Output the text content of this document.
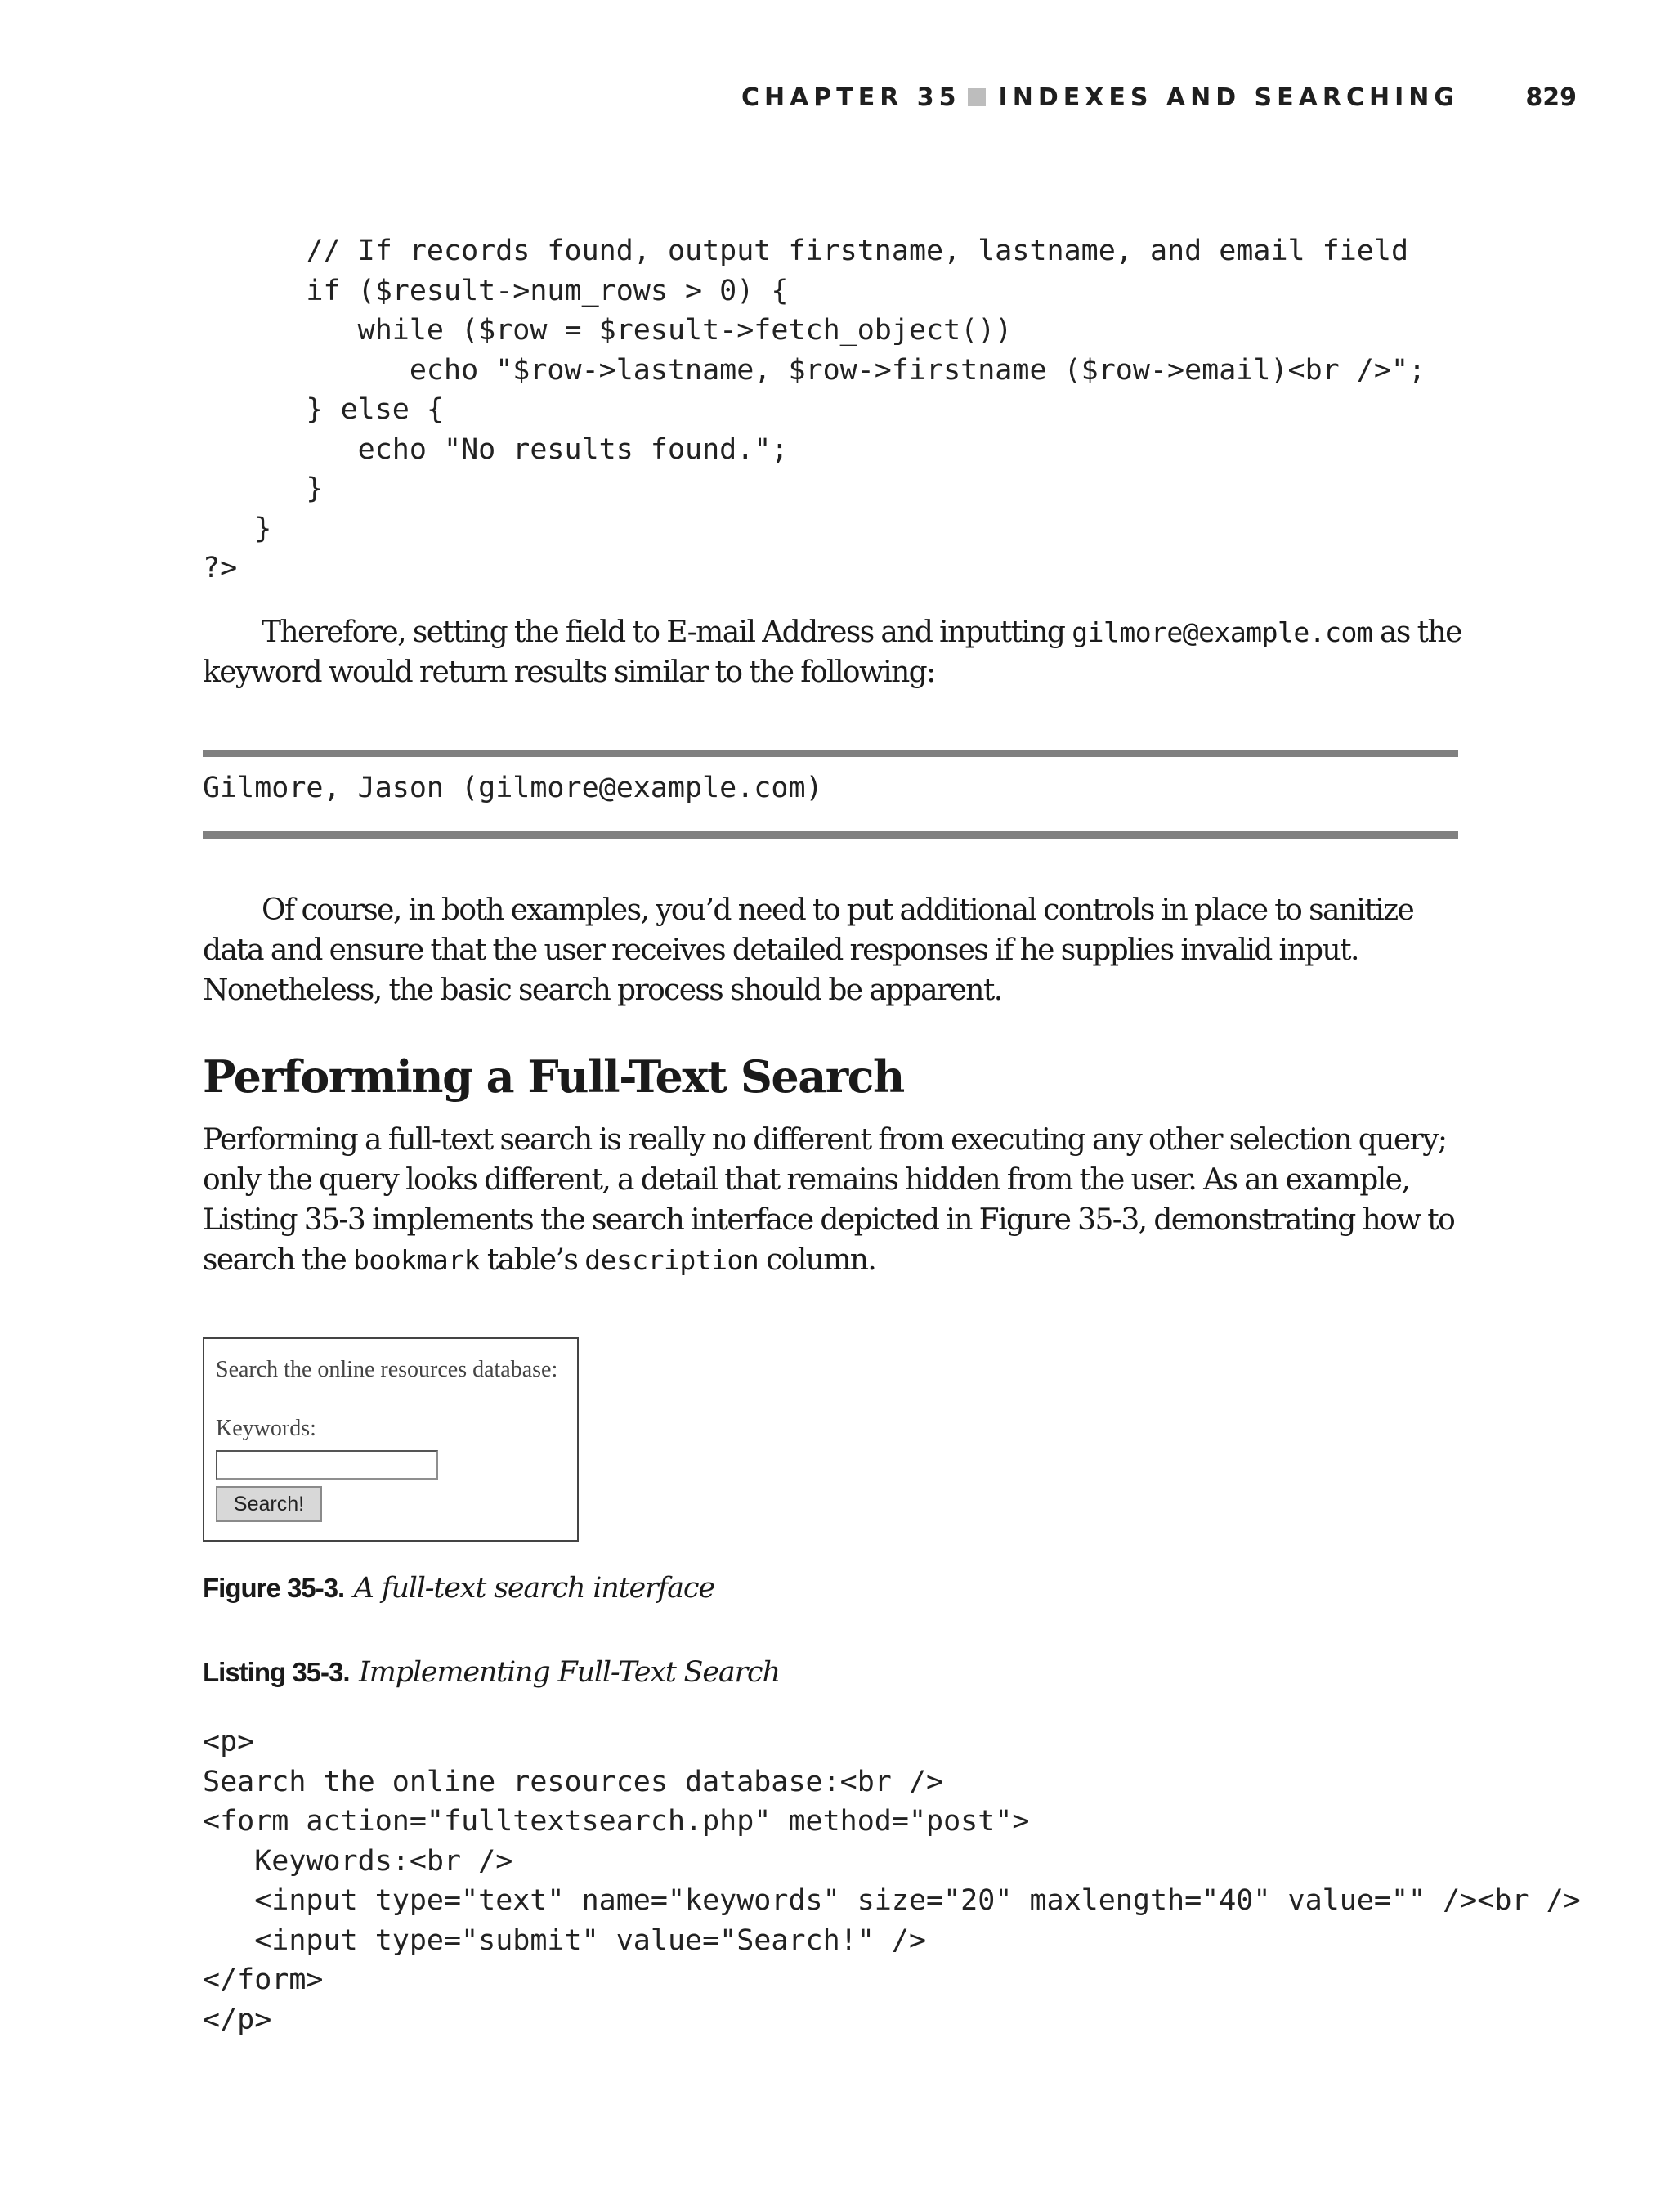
CHAPTER 35 INDEXES AND SEARCHING	829
// If records found, output firstname, lastname, and email field
if ($result->num_rows > 0) {
while ($row = $result->fetch_object())
echo "$row->lastname, $row->firstname ($row->email)<br />";
} else {
echo "No results found.";
}
}
?>
Therefore, setting the field to E-mail Address and inputting gilmore@example.com as the keyword would return results similar to the following:
Gilmore, Jason (gilmore@example.com)
Of course, in both examples, you’d need to put additional controls in place to sanitize data and ensure that the user receives detailed responses if he supplies invalid input. Nonetheless, the basic search process should be apparent.
Performing a Full-Text Search
Performing a full-text search is really no different from executing any other selection query; only the query looks different, a detail that remains hidden from the user. As an example, Listing 35-3 implements the search interface depicted in Figure 35-3, demonstrating how to search the bookmark table’s description column.
Search the online resources database:
Keywords:
Search!
Figure 35-3. A full-text search interface
Listing 35-3. Implementing Full-Text Search
<p>
Search the online resources database:<br />
<form action="fulltextsearch.php" method="post">
Keywords:<br />
<input type="text" name="keywords" size="20" maxlength="40" value="" /><br />
<input type="submit" value="Search!" />
</form>
</p>
